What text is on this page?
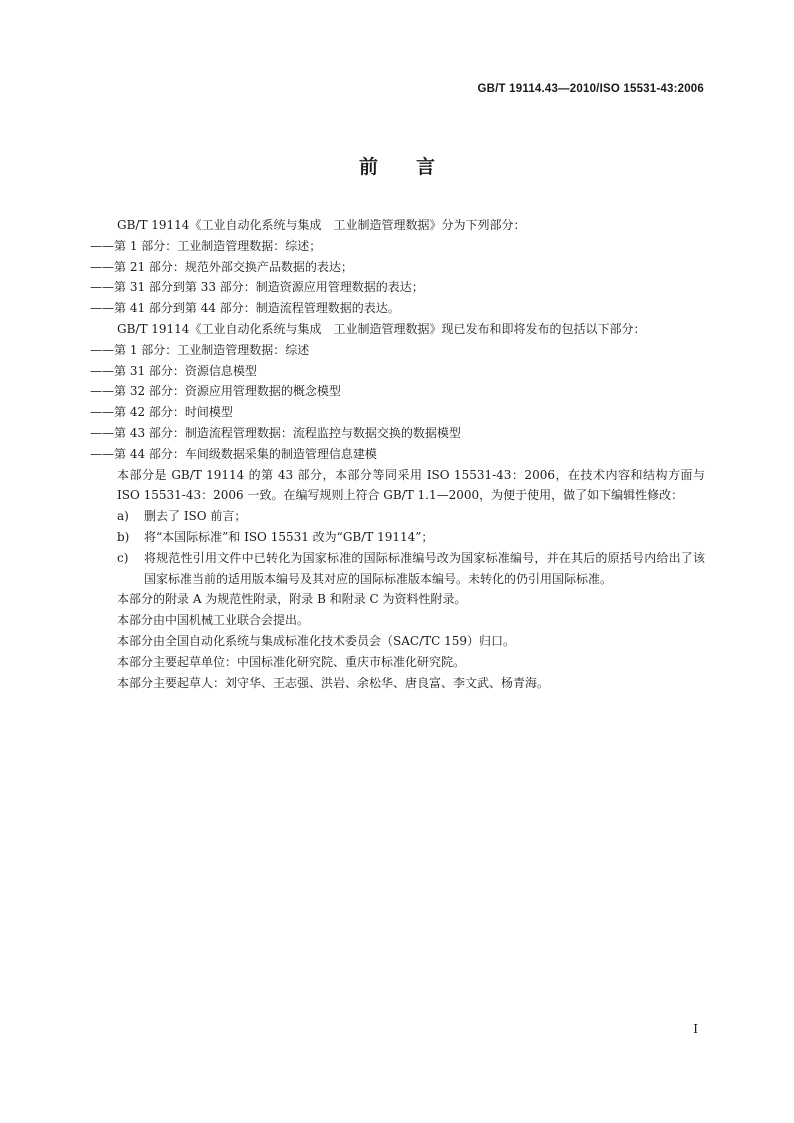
GB/T 19114.43—2010/ISO 15531-43:2006
前言
GB/T 19114《工业自动化系统与集成　工业制造管理数据》分为下列部分：
——第 1 部分：工业制造管理数据：综述；
——第 21 部分：规范外部交换产品数据的表达；
——第 31 部分到第 33 部分：制造资源应用管理数据的表达；
——第 41 部分到第 44 部分：制造流程管理数据的表达。
GB/T 19114《工业自动化系统与集成　工业制造管理数据》现已发布和即将发布的包括以下部分：
——第 1 部分：工业制造管理数据：综述
——第 31 部分：资源信息模型
——第 32 部分：资源应用管理数据的概念模型
——第 42 部分：时间模型
——第 43 部分：制造流程管理数据：流程监控与数据交换的数据模型
——第 44 部分：车间级数据采集的制造管理信息建模
本部分是 GB/T 19114 的第 43 部分，本部分等同采用 ISO 15531-43：2006，在技术内容和结构方面与 ISO 15531-43：2006 一致。在编写规则上符合 GB/T 1.1—2000，为便于使用，做了如下编辑性修改：
a)	删去了 ISO 前言；
b)	将“本国际标准”和 ISO 15531 改为“GB/T 19114”；
c)	将规范性引用文件中已转化为国家标准的国际标准编号改为国家标准编号，并在其后的原括号内给出了该国家标准当前的适用版本编号及其对应的国际标准版本编号。未转化的仍引用国际标准。
本部分的附录 A 为规范性附录，附录 B 和附录 C 为资料性附录。
本部分由中国机械工业联合会提出。
本部分由全国自动化系统与集成标准化技术委员会（SAC/TC 159）归口。
本部分主要起草单位：中国标准化研究院、重庆市标准化研究院。
本部分主要起草人：刘守华、王志强、洪岩、余松华、唐良富、李文武、杨青海。
I
